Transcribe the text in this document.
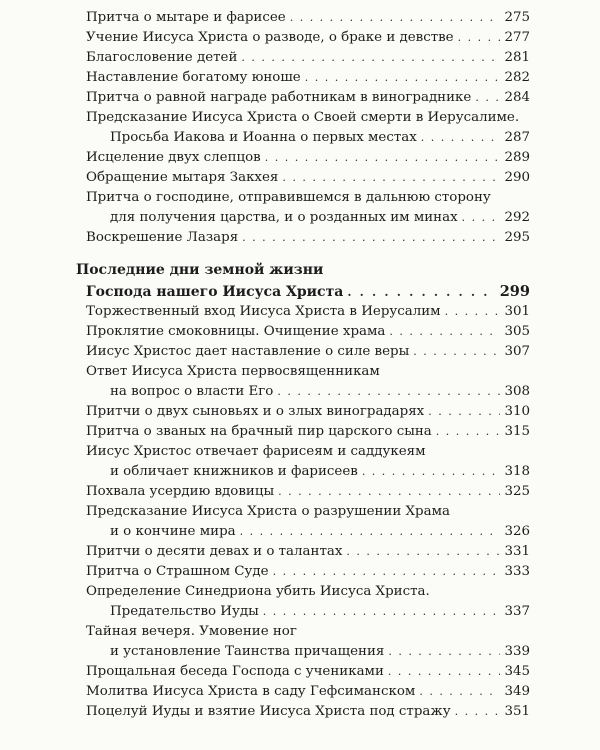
Притча о мытаре и фарисее . . .	275
Учение Иисуса Христа о разводе, о браке и девстве . . .	277
Благословение детей . . .	281
Наставление богатому юноше . . .	282
Притча о равной награде работникам в винограднике . . . 284
Предсказание Иисуса Христа о Своей смерти в Иерусалиме.
Просьба Иакова и Иоанна о первых местах . . .	287
Исцеление двух слепцов . . .	289
Обращение мытаря Закхея . . .	290
Притча о господине, отправившемся в дальнюю сторону
для получения царства, и о розданных им минах . . .	292
Воскрешение Лазаря . . .	295
Последние дни земной жизни
Господа нашего Иисуса Христа . . .	299
Торжественный вход Иисуса Христа в Иерусалим . . .	301
Проклятие смоковницы. Очищение храма . . .	305
Иисус Христос дает наставление о силе веры . . .	307
Ответ Иисуса Христа первосвященникам
на вопрос о власти Его . . .	308
Притчи о двух сыновьях и о злых виноградарях . . .	310
Притча о званых на брачный пир царского сына . . .	315
Иисус Христос отвечает фарисеям и саддукеям
и обличает книжников и фарисеев . . .	318
Похвала усердию вдовицы . . .	325
Предсказание Иисуса Христа о разрушении Храма
и о кончине мира . . .	326
Притчи о десяти девах и о талантах . . .	331
Притча о Страшном Суде . . .	333
Определение Синедриона убить Иисуса Христа.
Предательство Иуды . . .	337
Тайная вечеря. Умовение ног
и установление Таинства причащения . . .	339
Прощальная беседа Господа с учениками . . .	345
Молитва Иисуса Христа в саду Гефсиманском . . .	349
Поцелуй Иуды и взятие Иисуса Христа под стражу . . .	351
